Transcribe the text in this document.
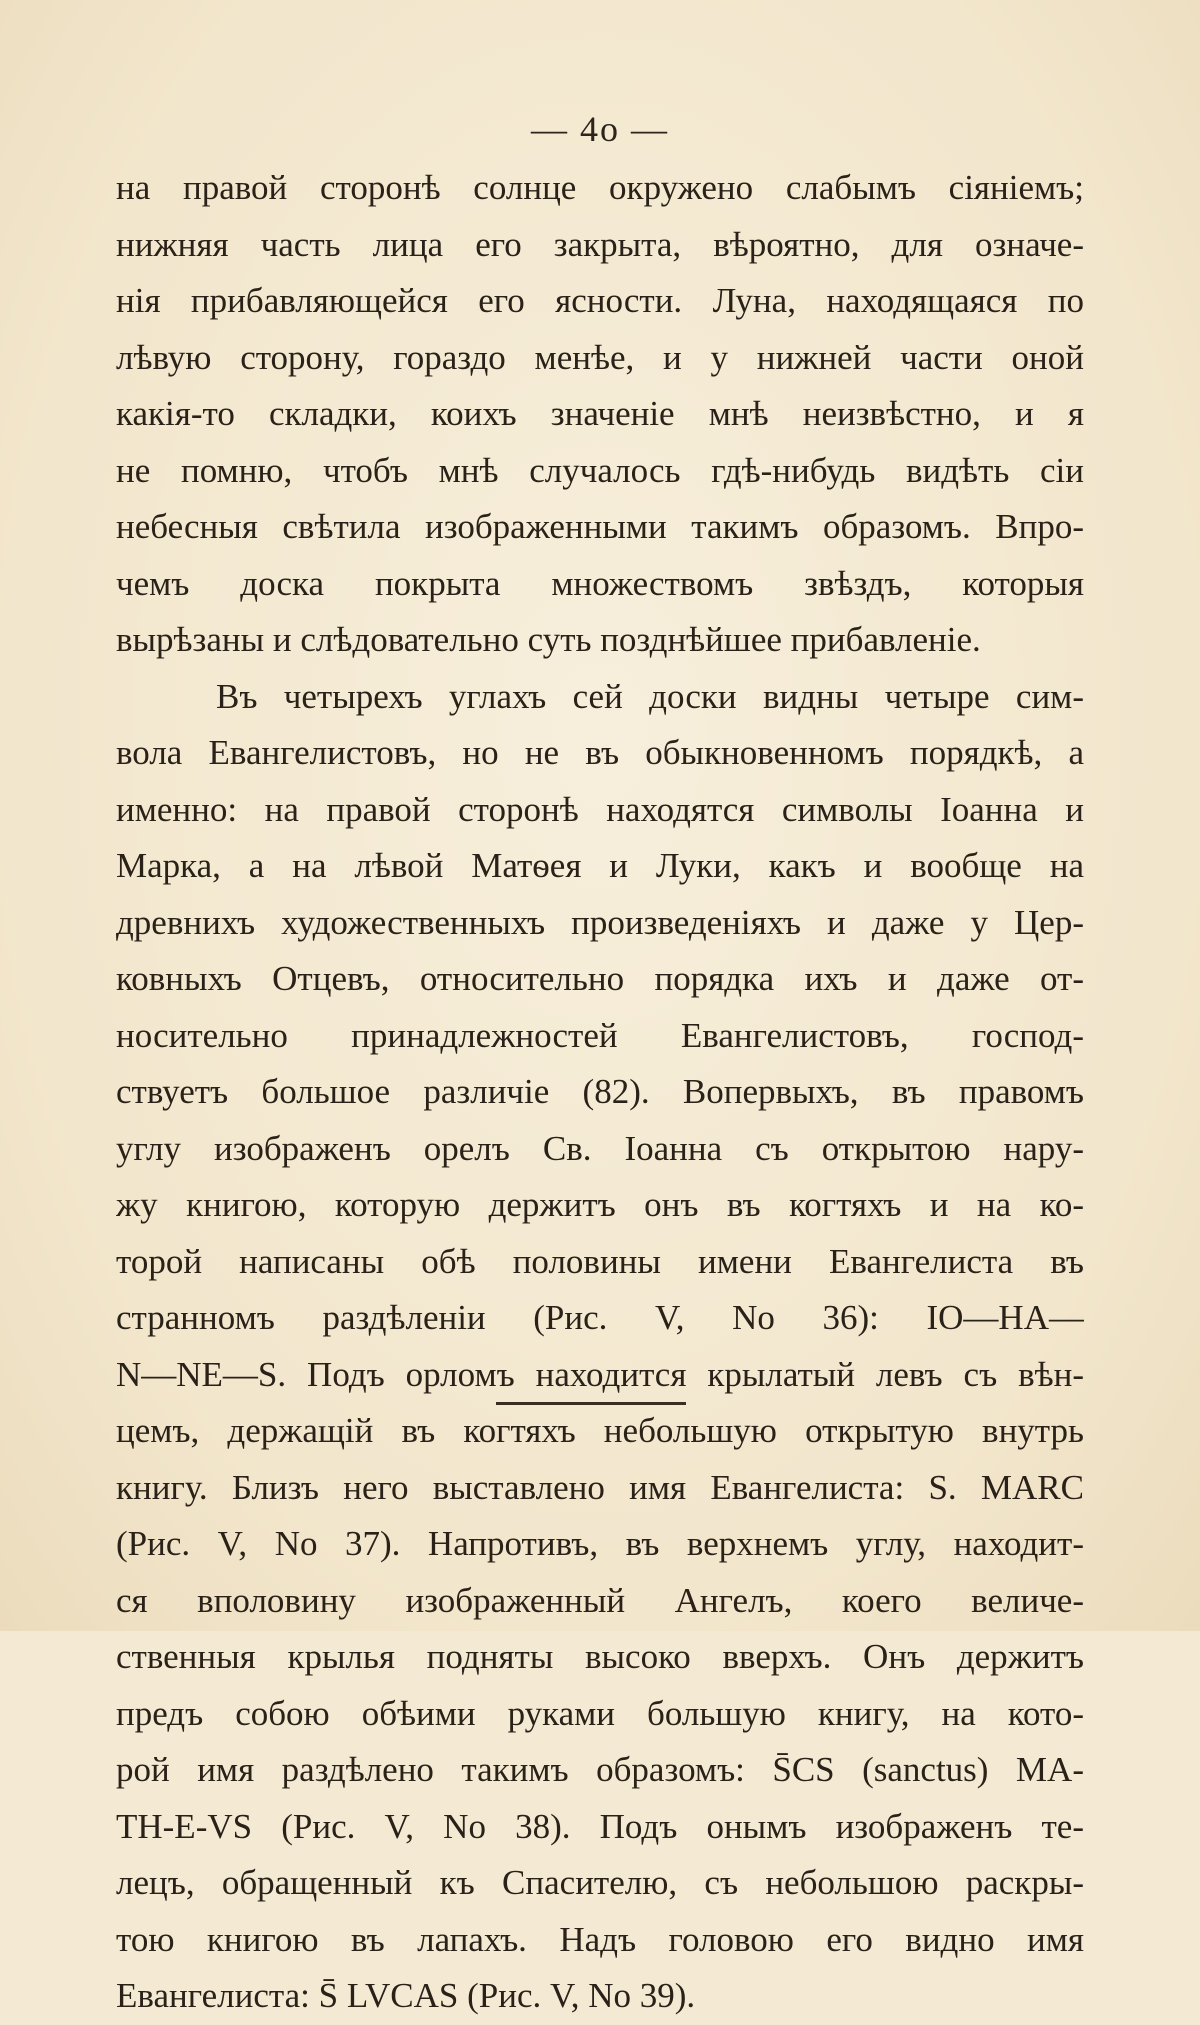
— 4o —
на правой сторонѣ солнце окружено слабымъ сіяніемъ;
нижняя часть лица его закрыта, вѣроятно, для означе-
нія прибавляющейся его ясности. Луна, находящаяся по
лѣвую сторону, гораздо менѣе, и у нижней части оной
какія-то складки, коихъ значеніе мнѣ неизвѣстно, и я
не помню, чтобъ мнѣ случалось гдѣ-нибудь видѣть сіи
небесныя свѣтила изображенными такимъ образомъ. Впро-
чемъ доска покрыта множествомъ звѣздъ, которыя
вырѣзаны и слѣдовательно суть позднѣйшее прибавленіе.
Въ четырехъ углахъ сей доски видны четыре сим-
вола Евангелистовъ, но не въ обыкновенномъ порядкѣ, а
именно: на правой сторонѣ находятся символы Іоанна и
Марка, а на лѣвой Матѳея и Луки, какъ и вообще на
древнихъ художественныхъ произведеніяхъ и даже у Цер-
ковныхъ Отцевъ, относительно порядка ихъ и даже от-
носительно принадлежностей Евангелистовъ, господ-
ствуетъ большое различіе (82). Вопервыхъ, въ правомъ
углу изображенъ орелъ Св. Іоанна съ открытою нару-
жу книгою, которую держитъ онъ въ когтяхъ и на ко-
торой написаны обѣ половины имени Евангелиста въ
странномъ раздѣленіи (Рис. V, No 36): IO—HA—
N—NE—S. Подъ орломъ находится крылатый левъ съ вѣн-
цемъ, держащій въ когтяхъ небольшую открытую внутрь
книгу. Близъ него выставлено имя Евангелиста: S. MARC
(Рис. V, No 37). Напротивъ, въ верхнемъ углу, находит-
ся вполовину изображенный Ангелъ, коего величе-
ственныя крылья подняты высоко вверхъ. Онъ держитъ
предъ собою обѣими руками большую книгу, на кото-
рой имя раздѣлено такимъ образомъ: S̄CS (sanctus) MA-
TH-E-VS (Рис. V, No 38). Подъ онымъ изображенъ те-
лецъ, обращенный къ Спасителю, съ небольшою раскры-
тою книгою въ лапахъ. Надъ головою его видно имя
Евангелиста: S̄ LVCAS (Рис. V, No 39).
